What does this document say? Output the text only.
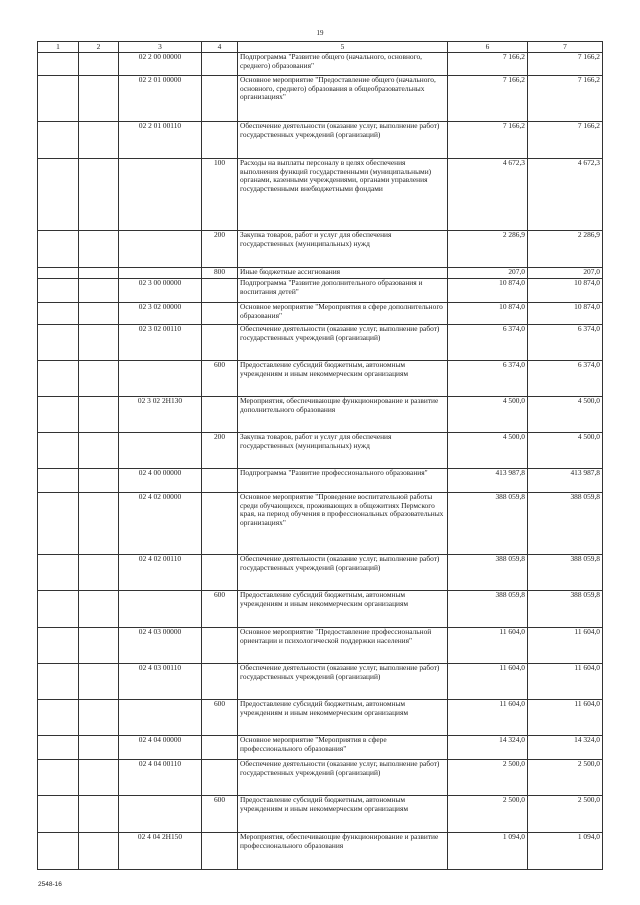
19
1	2	3	4	5	6	7
		02 2 00 00000		Подпрограмма "Развитие общего (начального, основного, среднего) образования"	7 166,2	7 166,2
		02 2 01 00000		Основное мероприятие "Предоставление общего (начального, основного, среднего) образования в общеобразовательных организациях"	7 166,2	7 166,2
		02 2 01 00110		Обеспечение деятельности (оказание услуг, выполнение работ) государственных учреждений (организаций)	7 166,2	7 166,2
			100	Расходы на выплаты персоналу в целях обеспечения выполнения функций государственными (муниципальными) органами, казенными учреждениями, органами управления государственными внебюджетными фондами	4 672,3	4 672,3
			200	Закупка товаров, работ и услуг для обеспечения государственных (муниципальных) нужд	2 286,9	2 286,9
			800	Иные бюджетные ассигнования	207,0	207,0
		02 3 00 00000		Подпрограмма "Развитие дополнительного образования и воспитания детей"	10 874,0	10 874,0
		02 3 02 00000		Основное мероприятие "Мероприятия в сфере дополнительного образования"	10 874,0	10 874,0
		02 3 02 00110		Обеспечение деятельности (оказание услуг, выполнение работ) государственных учреждений (организаций)	6 374,0	6 374,0
			600	Предоставление субсидий бюджетным, автономным учреждениям и иным некоммерческим организациям	6 374,0	6 374,0
		02 3 02 2Н130		Мероприятия, обеспечивающие функционирование и развитие дополнительного образования	4 500,0	4 500,0
			200	Закупка товаров, работ и услуг для обеспечения государственных (муниципальных) нужд	4 500,0	4 500,0
		02 4 00 00000		Подпрограмма "Развитие профессионального образования"	413 987,8	413 987,8
		02 4 02 00000		Основное мероприятие "Проведение воспитательной работы среди обучающихся, проживающих в общежитиях Пермского края, на период обучения в профессиональных образовательных организациях"	388 059,8	388 059,8
		02 4 02 00110		Обеспечение деятельности (оказание услуг, выполнение работ) государственных учреждений (организаций)	388 059,8	388 059,8
			600	Предоставление субсидий бюджетным, автономным учреждениям и иным некоммерческим организациям	388 059,8	388 059,8
		02 4 03 00000		Основное мероприятие "Предоставление профессиональной ориентации и психологической поддержки населения"	11 604,0	11 604,0
		02 4 03 00110		Обеспечение деятельности (оказание услуг, выполнение работ) государственных учреждений (организаций)	11 604,0	11 604,0
			600	Предоставление субсидий бюджетным, автономным учреждениям и иным некоммерческим организациям	11 604,0	11 604,0
		02 4 04 00000		Основное мероприятие "Мероприятия в сфере профессионального образования"	14 324,0	14 324,0
		02 4 04 00110		Обеспечение деятельности (оказание услуг, выполнение работ) государственных учреждений (организаций)	2 500,0	2 500,0
			600	Предоставление субсидий бюджетным, автономным учреждениям и иным некоммерческим организациям	2 500,0	2 500,0
		02 4 04 2Н150		Мероприятия, обеспечивающие функционирование и развитие профессионального образования	1 094,0	1 094,0
2548-16
